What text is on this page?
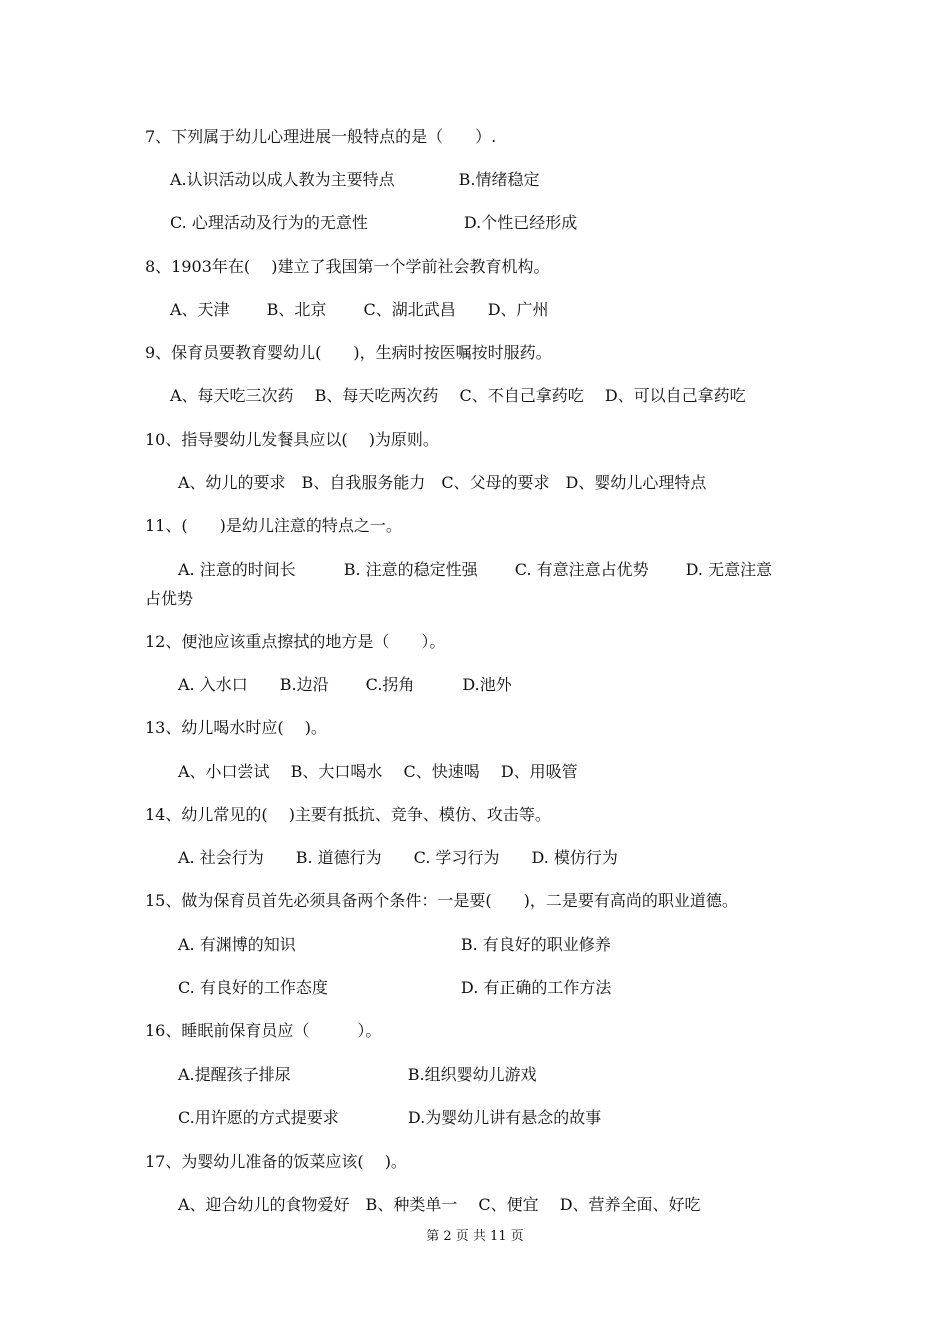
7、下列属于幼儿心理进展一般特点的是（　　）.
A.认识活动以成人教为主要特点　　　　B.情绪稳定
C. 心理活动及行为的无意性　　　　　　D.个性已经形成
8、1903年在(　 )建立了我国第一个学前社会教育机构。
A、天津　　 B、北京　　 C、湖北武昌　　D、广州
9、保育员要教育婴幼儿(　　)，生病时按医嘱按时服药。
A、每天吃三次药　 B、每天吃两次药　 C、不自己拿药吃　 D、可以自己拿药吃
10、指导婴幼儿发餐具应以(　 )为原则。
A、幼儿的要求　B、自我服务能力　C、父母的要求　D、婴幼儿心理特点
11、(　　)是幼儿注意的特点之一。
A. 注意的时间长　　　B. 注意的稳定性强　　 C. 有意注意占优势　　 D. 无意注意
占优势
12、便池应该重点擦拭的地方是（　　）。
A. 入水口　　B.边沿　　 C.拐角　　　D.池外
13、幼儿喝水时应(　 )。
A、小口尝试　 B、大口喝水　 C、快速喝　 D、用吸管
14、幼儿常见的(　 )主要有抵抗、竞争、模仿、攻击等。
A. 社会行为　　B. 道德行为　　C. 学习行为　　D. 模仿行为
15、做为保育员首先必须具备两个条件：一是要(　　)，二是要有高尚的职业道德。
A. 有渊博的知识　　　　　　　　　　 B. 有良好的职业修养
C. 有良好的工作态度　　　　　　　　 D. 有正确的工作方法
16、睡眠前保育员应（　　　）。
A.提醒孩子排尿　　　　　　　 B.组织婴幼儿游戏
C.用许愿的方式提要求　　　　 D.为婴幼儿讲有悬念的故事
17、为婴幼儿准备的饭菜应该(　 )。
A、迎合幼儿的食物爱好　B、种类单一　 C、便宜　 D、营养全面、好吃
第 2 页 共 11 页
